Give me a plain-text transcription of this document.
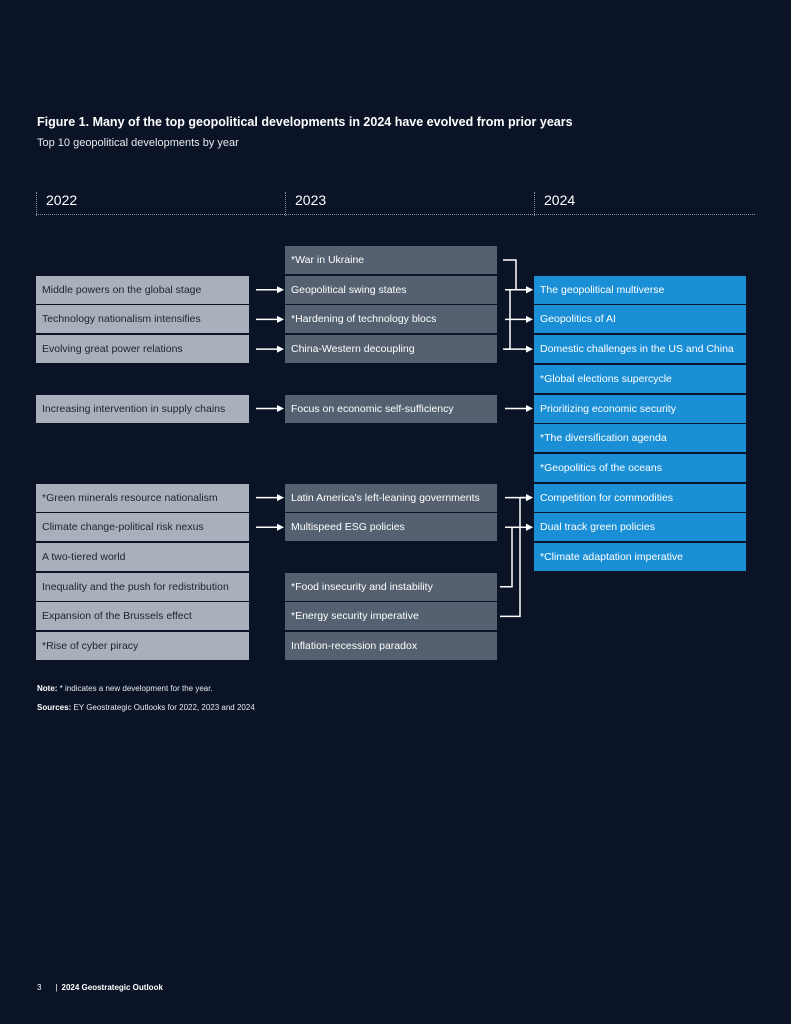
Figure 1. Many of the top geopolitical developments in 2024 have evolved from prior years
Top 10 geopolitical developments by year
2022	2023	2024
Middle powers on the global stage
Technology nationalism intensifies
Evolving great power relations
Increasing intervention in supply chains
*Green minerals resource nationalism
Climate change-political risk nexus
A two-tiered world
Inequality and the push for redistribution
Expansion of the Brussels effect
*Rise of cyber piracy
*War in Ukraine
Geopolitical swing states
*Hardening of technology blocs
China-Western decoupling
Focus on economic self-sufficiency
Latin America's left-leaning governments
Multispeed ESG policies
*Food insecurity and instability
*Energy security imperative
Inflation-recession paradox
The geopolitical multiverse
Geopolitics of AI
Domestic challenges in the US and China
*Global elections supercycle
Prioritizing economic security
*The diversification agenda
*Geopolitics of the oceans
Competition for commodities
Dual track green policies
*Climate adaptation imperative
Note: * indicates a new development for the year.
Sources: EY Geostrategic Outlooks for 2022, 2023 and 2024
3 | 2024 Geostrategic Outlook
